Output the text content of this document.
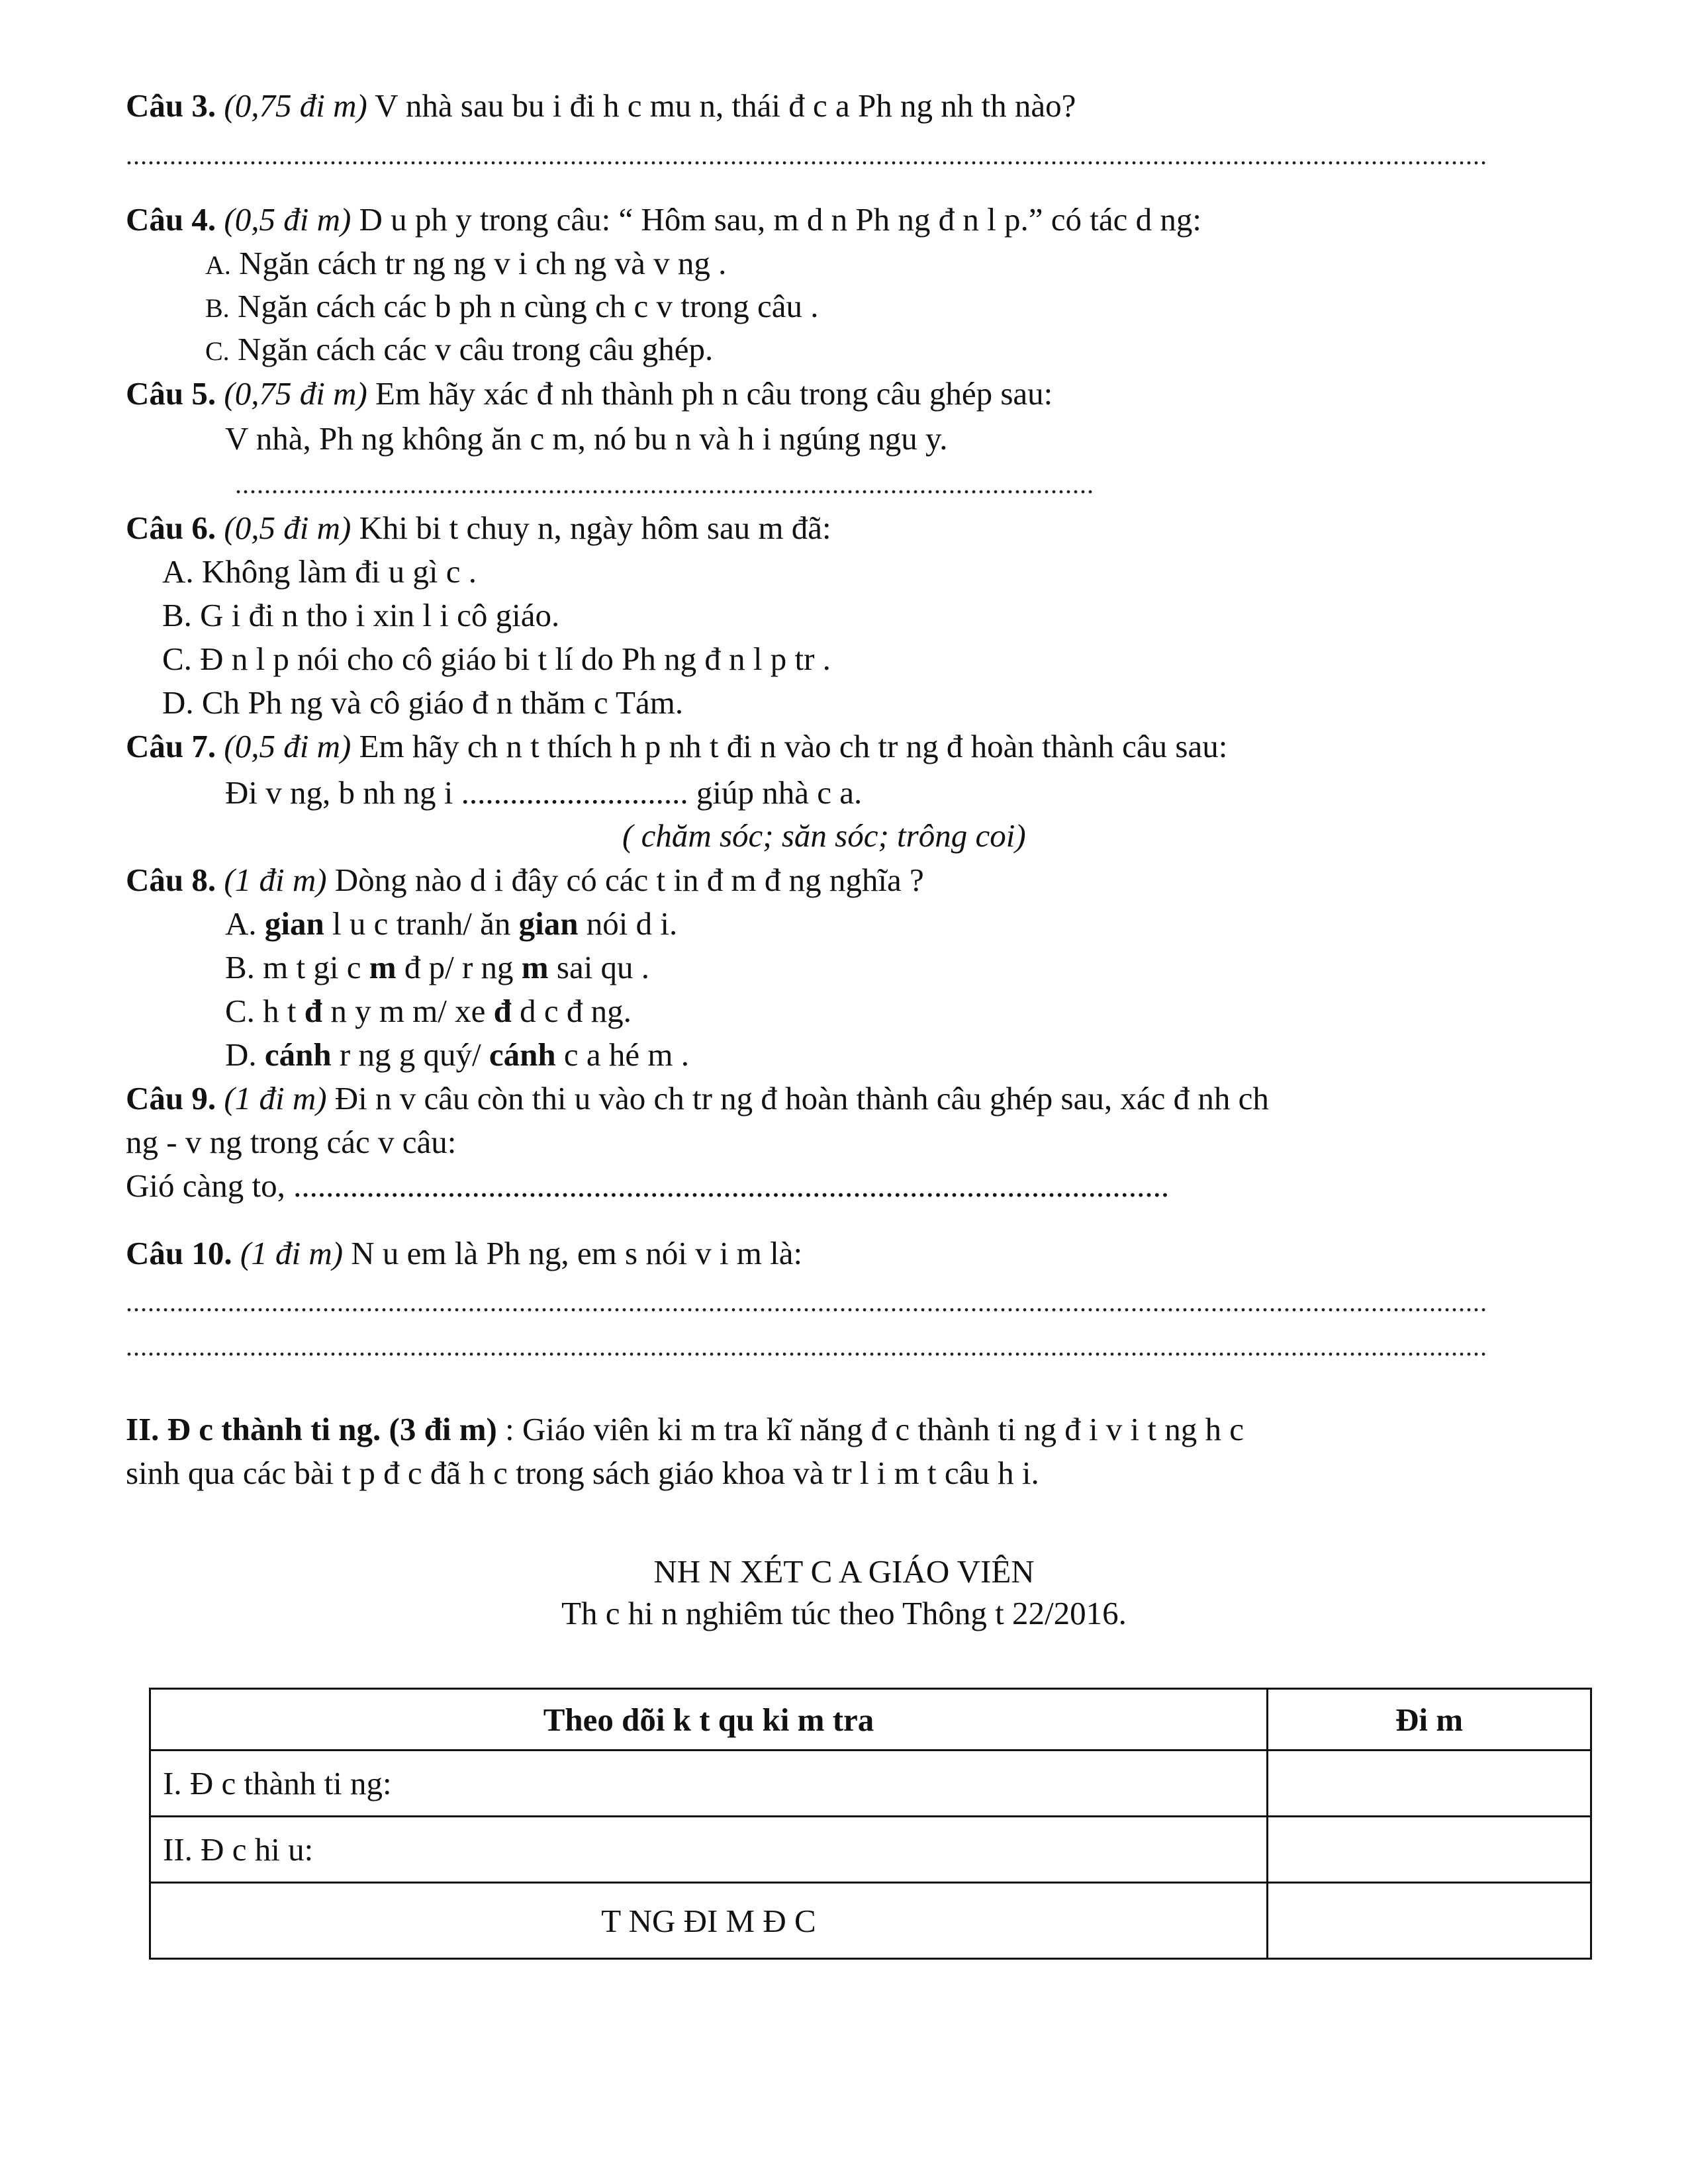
Câu 3. (0,75 đi m) V nhà sau bu i đi h c mu n, thái đ c a Ph ng nh th nào?
...........................................................................................................................................................................................
Câu 4. (0,5 đi m) D u ph y trong câu: “ Hôm sau, m d n Ph ng đ n l p.” có tác d ng:
A. Ngăn cách tr ng ng v i ch ng và v ng .
B. Ngăn cách các b ph n cùng ch c v trong câu .
C. Ngăn cách các v câu trong câu ghép.
Câu 5. (0,75 đi m) Em hãy xác đ nh thành ph n câu trong câu ghép sau:
V nhà, Ph ng không ăn c m, nó bu n và h i ngúng ngu y.
......................................................................................................................
Câu 6. (0,5 đi m) Khi bi t chuy n, ngày hôm sau m đã:
A. Không làm đi u gì c .
B. G i đi n tho i xin l i cô giáo.
C. Đ n l p nói cho cô giáo bi t lí do Ph ng đ n l p tr .
D. Ch Ph ng và cô giáo đ n thăm c Tám.
Câu 7. (0,5 đi m) Em hãy ch n t thích h p nh t đi n vào ch tr ng đ hoàn thành câu sau:
Đi v ng, b nh ng i ............................ giúp nhà c a.
( chăm sóc; săn sóc; trông coi)
Câu 8. (1 đi m) Dòng nào d i đây có các t in đ m đ ng nghĩa ?
A. gian l u c tranh/ ăn gian nói d i.
B. m t gi c m đ p/ r ng m sai qu .
C. h t đ n y m m/ xe đ d c đ ng.
D. cánh r ng g quý/ cánh c a hé m .
Câu 9. (1 đi m) Đi n v câu còn thi u vào ch tr ng đ hoàn thành câu ghép sau, xác đ nh ch
ng - v ng trong các v câu:
Gió càng to, ............................................................................................................
Câu 10. (1 đi m) N u em là Ph ng, em s nói v i m là:
...........................................................................................................................................................................................
...........................................................................................................................................................................................
II. Đ c thành ti ng. (3 đi m) : Giáo viên ki m tra kĩ năng đ c thành ti ng đ i v i t ng h c
sinh qua các bài t p đ c đã h c trong sách giáo khoa và tr l i m t câu h i.
NH N XÉT C A GIÁO VIÊN
Th c hi n nghiêm túc theo Thông t 22/2016.
Theo dõi k t qu ki m tra	Đi m
I. Đ c thành ti ng:	
II. Đ c hi u:	
T NG ĐI M Đ C	
